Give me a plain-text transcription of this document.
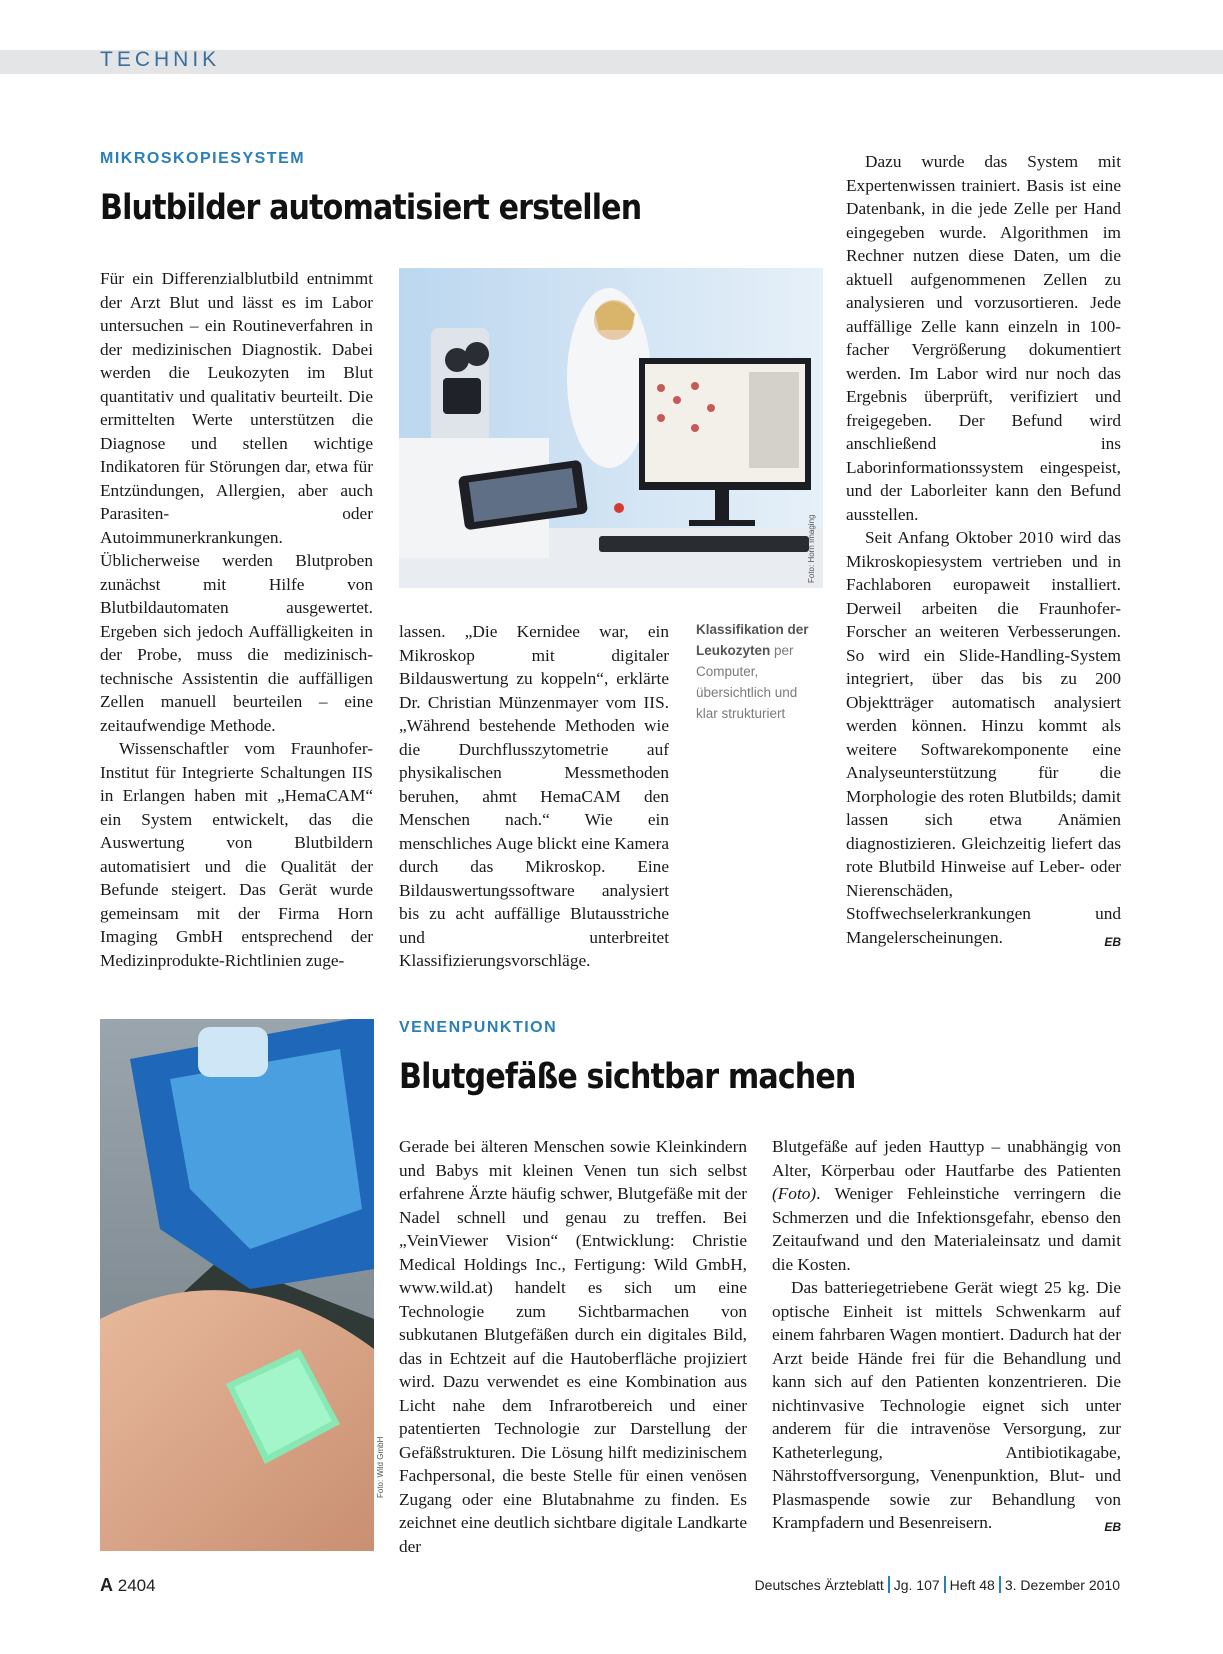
TECHNIK
MIKROSKOPIESYSTEM
Blutbilder automatisiert erstellen

Für ein Differenzialblutbild entnimmt der Arzt Blut und lässt es im Labor untersuchen – ein Routineverfahren in der medizinischen Diagnostik. Dabei werden die Leukozyten im Blut quantitativ und qualitativ beurteilt. Die ermittelten Werte unterstützen die Diagnose und stellen wichtige Indikatoren für Störungen dar, etwa für Entzündungen, Allergien, aber auch Parasiten- oder Autoimmunerkrankungen. Üblicherweise werden Blutproben zunächst mit Hilfe von Blutbildautomaten ausgewertet. Ergeben sich jedoch Auffälligkeiten in der Probe, muss die medizinisch-technische Assistentin die auffälligen Zellen manuell beurteilen – eine zeitaufwendige Methode.

Wissenschaftler vom Fraunhofer-Institut für Integrierte Schaltungen IIS in Erlangen haben mit „HemaCAM“ ein System entwickelt, das die Auswertung von Blutbildern automatisiert und die Qualität der Befunde steigert. Das Gerät wurde gemeinsam mit der Firma Horn Imaging GmbH entsprechend der Medizinprodukte-Richtlinien zuge-

Foto: Horn Imaging

lassen. „Die Kernidee war, ein Mikroskop mit digitaler Bildauswertung zu koppeln“, erklärte Dr. Christian Münzenmayer vom IIS. „Während bestehende Methoden wie die Durchflusszytometrie auf physikalischen Messmethoden beruhen, ahmt HemaCAM den Menschen nach.“ Wie ein menschliches Auge blickt eine Kamera durch das Mikroskop. Eine Bildauswertungssoftware analysiert bis zu acht auffällige Blutausstriche und unterbreitet Klassifizierungsvorschläge.

Klassifikation der Leukozyten per Computer, übersichtlich und klar strukturiert

Dazu wurde das System mit Expertenwissen trainiert. Basis ist eine Datenbank, in die jede Zelle per Hand eingegeben wurde. Algorithmen im Rechner nutzen diese Daten, um die aktuell aufgenommenen Zellen zu analysieren und vorzusortieren. Jede auffällige Zelle kann einzeln in 100-facher Vergrößerung dokumentiert werden. Im Labor wird nur noch das Ergebnis überprüft, verifiziert und freigegeben. Der Befund wird anschließend ins Laborinformationssystem eingespeist, und der Laborleiter kann den Befund ausstellen.

Seit Anfang Oktober 2010 wird das Mikroskopiesystem vertrieben und in Fachlaboren europaweit installiert. Derweil arbeiten die Fraunhofer-Forscher an weiteren Verbesserungen. So wird ein Slide-Handling-System integriert, über das bis zu 200 Objektträger automatisch analysiert werden können. Hinzu kommt als weitere Softwarekomponente eine Analyseunterstützung für die Morphologie des roten Blutbilds; damit lassen sich etwa Anämien diagnostizieren. Gleichzeitig liefert das rote Blutbild Hinweise auf Leber- oder Nierenschäden, Stoffwechselerkrankungen und Mangelerscheinungen.	EB

Foto: Wild GmbH
VENENPUNKTION
Blutgefäße sichtbar machen

Gerade bei älteren Menschen sowie Kleinkindern und Babys mit kleinen Venen tun sich selbst erfahrene Ärzte häufig schwer, Blutgefäße mit der Nadel schnell und genau zu treffen. Bei „VeinViewer Vision“ (Entwicklung: Christie Medical Holdings Inc., Fertigung: Wild GmbH, www.wild.at) handelt es sich um eine Technologie zum Sichtbarmachen von subkutanen Blutgefäßen durch ein digitales Bild, das in Echtzeit auf die Hautoberfläche projiziert wird. Dazu verwendet es eine Kombination aus Licht nahe dem Infrarotbereich und einer patentierten Technologie zur Darstellung der Gefäßstrukturen. Die Lösung hilft medizinischem Fachpersonal, die beste Stelle für einen venösen Zugang oder eine Blutabnahme zu finden. Es zeichnet eine deutlich sichtbare digitale Landkarte der

Blutgefäße auf jeden Hauttyp – unabhängig von Alter, Körperbau oder Hautfarbe des Patienten (Foto). Weniger Fehleinstiche verringern die Schmerzen und die Infektionsgefahr, ebenso den Zeitaufwand und den Materialeinsatz und damit die Kosten.

Das batteriegetriebene Gerät wiegt 25 kg. Die optische Einheit ist mittels Schwenkarm auf einem fahrbaren Wagen montiert. Dadurch hat der Arzt beide Hände frei für die Behandlung und kann sich auf den Patienten konzentrieren. Die nichtinvasive Technologie eignet sich unter anderem für die intravenöse Versorgung, zur Katheterlegung, Antibiotikagabe, Nährstoffversorgung, Venenpunktion, Blut- und Plasmaspende sowie zur Behandlung von Krampfadern und Besenreisern.	EB

A 2404	Deutsches Ärzteblatt Jg. 107 Heft 48 3. Dezember 2010
